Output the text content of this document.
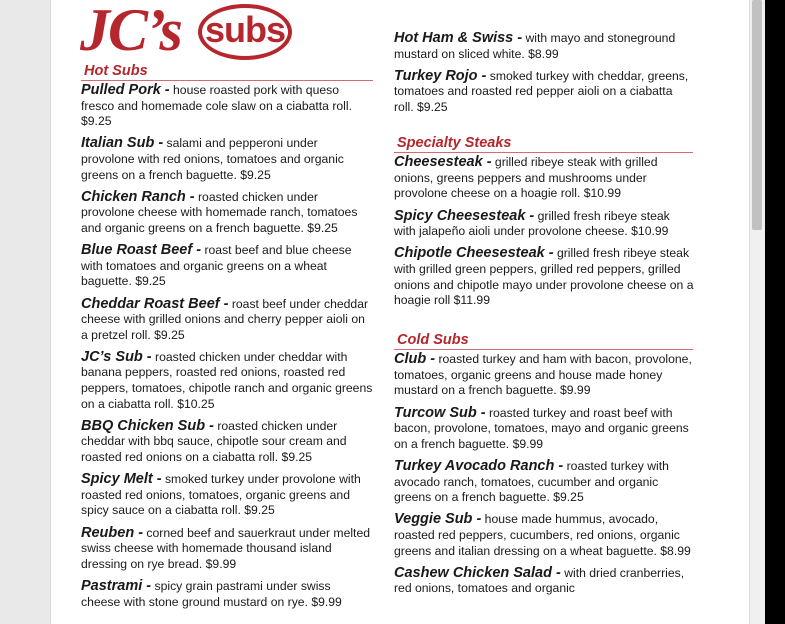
JC’s subs
Hot Subs
Pulled Pork - house roasted pork with queso fresco and homemade cole slaw on a ciabatta roll. $9.25
Italian Sub - salami and pepperoni under provolone with red onions, tomatoes and organic greens on a french baguette. $9.25
Chicken Ranch - roasted chicken under provolone cheese with homemade ranch, tomatoes and organic greens on a french baguette. $9.25
Blue Roast Beef - roast beef and blue cheese with tomatoes and organic greens on a wheat baguette. $9.25
Cheddar Roast Beef - roast beef under cheddar cheese with grilled onions and cherry pepper aioli on a pretzel roll. $9.25
JC’s Sub - roasted chicken under cheddar with banana peppers, roasted red onions, roasted red peppers, tomatoes, chipotle ranch and organic greens on a ciabatta roll. $10.25
BBQ Chicken Sub - roasted chicken under cheddar with bbq sauce, chipotle sour cream and roasted red onions on a ciabatta roll. $9.25
Spicy Melt - smoked turkey under provolone with roasted red onions, tomatoes, organic greens and spicy sauce on a ciabatta roll. $9.25
Reuben - corned beef and sauerkraut under melted swiss cheese with homemade thousand island dressing on rye bread. $9.99
Pastrami - spicy grain pastrami under swiss cheese with stone ground mustard on rye. $9.99
Hot Ham & Swiss - with mayo and stoneground mustard on sliced white. $8.99
Turkey Rojo - smoked turkey with cheddar, greens, tomatoes and roasted red pepper aioli on a ciabatta roll. $9.25
Specialty Steaks
Cheesesteak - grilled ribeye steak with grilled onions, greens peppers and mushrooms under provolone cheese on a hoagie roll. $10.99
Spicy Cheesesteak - grilled fresh ribeye steak with jalapeño aioli under provolone cheese. $10.99
Chipotle Cheesesteak - grilled fresh ribeye steak with grilled green peppers, grilled red peppers, grilled onions and chipotle mayo under provolone cheese on a hoagie roll $11.99
Cold Subs
Club - roasted turkey and ham with bacon, provolone, tomatoes, organic greens and house made honey mustard on a french baguette. $9.99
Turcow Sub - roasted turkey and roast beef with bacon, provolone, tomatoes, mayo and organic greens on a french baguette. $9.99
Turkey Avocado Ranch - roasted turkey with avocado ranch, tomatoes, cucumber and organic greens on a french baguette. $9.25
Veggie Sub - house made hummus, avocado, roasted red peppers, cucumbers, red onions, organic greens and italian dressing on a wheat baguette. $8.99
Cashew Chicken Salad - with dried cranberries, red onions, tomatoes and organic
